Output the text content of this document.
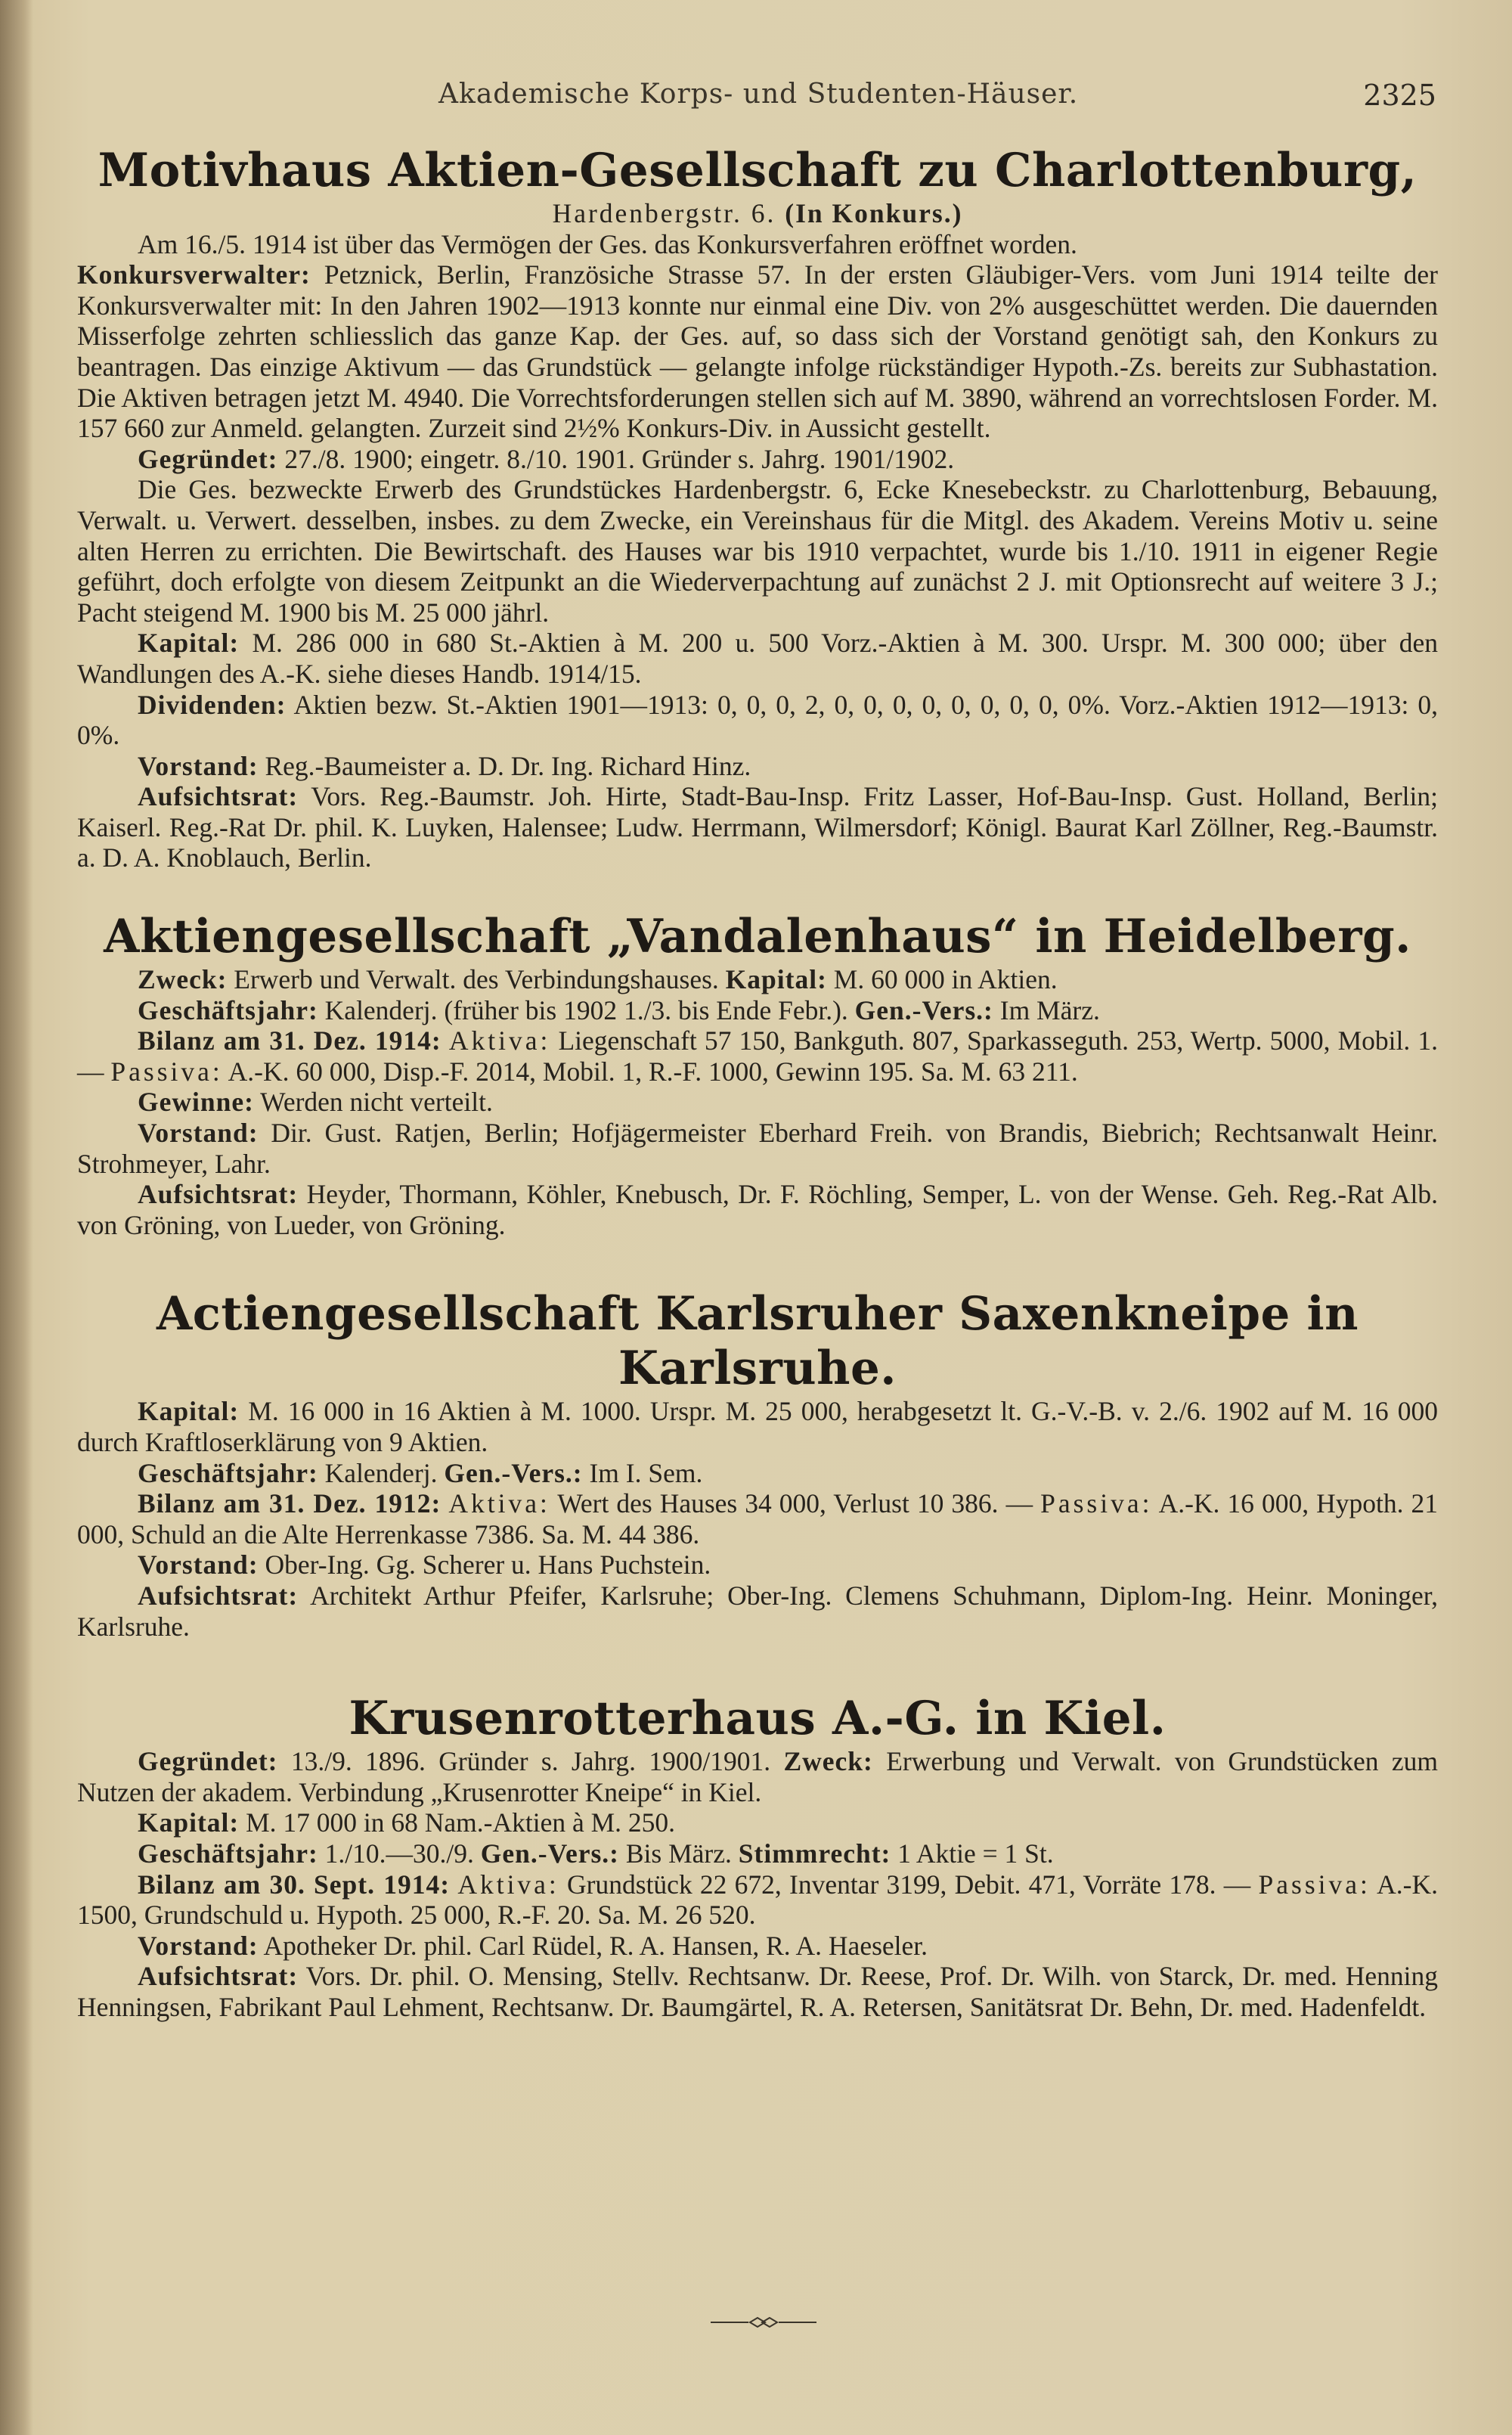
Akademische Korps- und Studenten-Häuser.	2325
Motivhaus Aktien-Gesellschaft zu Charlottenburg,

Hardenbergstr. 6. (In Konkurs.)

Am 16./5. 1914 ist über das Vermögen der Ges. das Konkursverfahren eröffnet worden.

Konkursverwalter: Petznick, Berlin, Französiche Strasse 57. In der ersten Gläubiger-Vers. vom Juni 1914 teilte der Konkursverwalter mit: In den Jahren 1902—1913 konnte nur einmal eine Div. von 2% ausgeschüttet werden. Die dauernden Misserfolge zehrten schliesslich das ganze Kap. der Ges. auf, so dass sich der Vorstand genötigt sah, den Konkurs zu beantragen. Das einzige Aktivum — das Grundstück — gelangte infolge rückständiger Hypoth.-Zs. bereits zur Subhastation. Die Aktiven betragen jetzt M. 4940. Die Vorrechtsforderungen stellen sich auf M. 3890, während an vorrechtslosen Forder. M. 157 660 zur Anmeld. gelangten. Zurzeit sind 2½% Konkurs-Div. in Aussicht gestellt.

Gegründet: 27./8. 1900; eingetr. 8./10. 1901. Gründer s. Jahrg. 1901/1902.

Die Ges. bezweckte Erwerb des Grundstückes Hardenbergstr. 6, Ecke Knesebeckstr. zu Charlottenburg, Bebauung, Verwalt. u. Verwert. desselben, insbes. zu dem Zwecke, ein Vereinshaus für die Mitgl. des Akadem. Vereins Motiv u. seine alten Herren zu errichten. Die Bewirtschaft. des Hauses war bis 1910 verpachtet, wurde bis 1./10. 1911 in eigener Regie geführt, doch erfolgte von diesem Zeitpunkt an die Wiederverpachtung auf zunächst 2 J. mit Optionsrecht auf weitere 3 J.; Pacht steigend M. 1900 bis M. 25 000 jährl.

Kapital: M. 286 000 in 680 St.-Aktien à M. 200 u. 500 Vorz.-Aktien à M. 300. Urspr. M. 300 000; über den Wandlungen des A.-K. siehe dieses Handb. 1914/15.

Dividenden: Aktien bezw. St.-Aktien 1901—1913: 0, 0, 0, 2, 0, 0, 0, 0, 0, 0, 0, 0, 0%. Vorz.-Aktien 1912—1913: 0, 0%.

Vorstand: Reg.-Baumeister a. D. Dr. Ing. Richard Hinz.

Aufsichtsrat: Vors. Reg.-Baumstr. Joh. Hirte, Stadt-Bau-Insp. Fritz Lasser, Hof-Bau-Insp. Gust. Holland, Berlin; Kaiserl. Reg.-Rat Dr. phil. K. Luyken, Halensee; Ludw. Herrmann, Wilmersdorf; Königl. Baurat Karl Zöllner, Reg.-Baumstr. a. D. A. Knoblauch, Berlin.

Aktiengesellschaft „Vandalenhaus“ in Heidelberg.

Zweck: Erwerb und Verwalt. des Verbindungshauses. Kapital: M. 60 000 in Aktien.

Geschäftsjahr: Kalenderj. (früher bis 1902 1./3. bis Ende Febr.). Gen.-Vers.: Im März.

Bilanz am 31. Dez. 1914: Aktiva: Liegenschaft 57 150, Bankguth. 807, Sparkasseguth. 253, Wertp. 5000, Mobil. 1. — Passiva: A.-K. 60 000, Disp.-F. 2014, Mobil. 1, R.-F. 1000, Gewinn 195. Sa. M. 63 211.

Gewinne: Werden nicht verteilt.

Vorstand: Dir. Gust. Ratjen, Berlin; Hofjägermeister Eberhard Freih. von Brandis, Biebrich; Rechtsanwalt Heinr. Strohmeyer, Lahr.

Aufsichtsrat: Heyder, Thormann, Köhler, Knebusch, Dr. F. Röchling, Semper, L. von der Wense. Geh. Reg.-Rat Alb. von Gröning, von Lueder, von Gröning.

Actiengesellschaft Karlsruher Saxenkneipe in Karlsruhe.

Kapital: M. 16 000 in 16 Aktien à M. 1000. Urspr. M. 25 000, herabgesetzt lt. G.-V.-B. v. 2./6. 1902 auf M. 16 000 durch Kraftloserklärung von 9 Aktien.

Geschäftsjahr: Kalenderj. Gen.-Vers.: Im I. Sem.

Bilanz am 31. Dez. 1912: Aktiva: Wert des Hauses 34 000, Verlust 10 386. — Passiva: A.-K. 16 000, Hypoth. 21 000, Schuld an die Alte Herrenkasse 7386. Sa. M. 44 386.

Vorstand: Ober-Ing. Gg. Scherer u. Hans Puchstein.

Aufsichtsrat: Architekt Arthur Pfeifer, Karlsruhe; Ober-Ing. Clemens Schuhmann, Diplom-Ing. Heinr. Moninger, Karlsruhe.

Krusenrotterhaus A.-G. in Kiel.

Gegründet: 13./9. 1896. Gründer s. Jahrg. 1900/1901. Zweck: Erwerbung und Verwalt. von Grundstücken zum Nutzen der akadem. Verbindung „Krusenrotter Kneipe“ in Kiel.

Kapital: M. 17 000 in 68 Nam.-Aktien à M. 250.

Geschäftsjahr: 1./10.—30./9. Gen.-Vers.: Bis März. Stimmrecht: 1 Aktie = 1 St.

Bilanz am 30. Sept. 1914: Aktiva: Grundstück 22 672, Inventar 3199, Debit. 471, Vorräte 178. — Passiva: A.-K. 1500, Grundschuld u. Hypoth. 25 000, R.-F. 20. Sa. M. 26 520.

Vorstand: Apotheker Dr. phil. Carl Rüdel, R. A. Hansen, R. A. Haeseler.

Aufsichtsrat: Vors. Dr. phil. O. Mensing, Stellv. Rechtsanw. Dr. Reese, Prof. Dr. Wilh. von Starck, Dr. med. Henning Henningsen, Fabrikant Paul Lehment, Rechtsanw. Dr. Baumgärtel, R. A. Retersen, Sanitätsrat Dr. Behn, Dr. med. Hadenfeldt.
